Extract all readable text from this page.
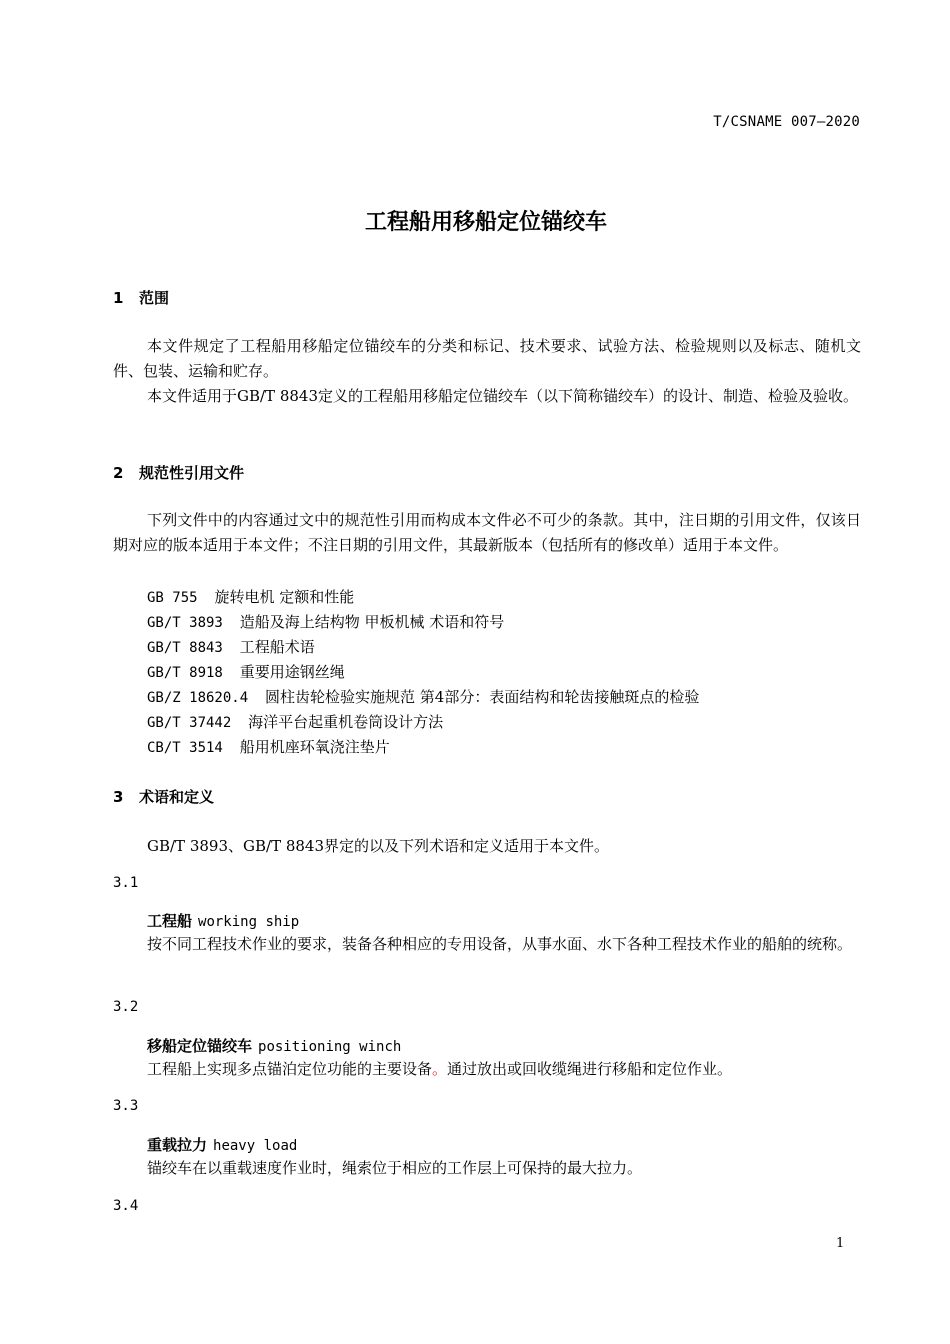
T/CSNAME 007—2020
工程船用移船定位锚绞车
1 范围
本文件规定了工程船用移船定位锚绞车的分类和标记、技术要求、试验方法、检验规则以及标志、随机文件、包装、运输和贮存。
本文件适用于GB/T 8843定义的工程船用移船定位锚绞车（以下简称锚绞车）的设计、制造、检验及验收。
2 规范性引用文件
下列文件中的内容通过文中的规范性引用而构成本文件必不可少的条款。其中，注日期的引用文件，仅该日期对应的版本适用于本文件；不注日期的引用文件，其最新版本（包括所有的修改单）适用于本文件。
GB 755 旋转电机 定额和性能
GB/T 3893 造船及海上结构物 甲板机械 术语和符号
GB/T 8843 工程船术语
GB/T 8918 重要用途钢丝绳
GB/Z 18620.4 圆柱齿轮检验实施规范 第4部分：表面结构和轮齿接触斑点的检验
GB/T 37442 海洋平台起重机卷筒设计方法
CB/T 3514 船用机座环氧浇注垫片
3 术语和定义
GB/T 3893、GB/T 8843界定的以及下列术语和定义适用于本文件。
3.1
工程船 working ship
按不同工程技术作业的要求，装备各种相应的专用设备，从事水面、水下各种工程技术作业的船舶的统称。
3.2
移船定位锚绞车 positioning winch
工程船上实现多点锚泊定位功能的主要设备。通过放出或回收缆绳进行移船和定位作业。
3.3
重载拉力 heavy load
锚绞车在以重载速度作业时，绳索位于相应的工作层上可保持的最大拉力。
3.4
1
